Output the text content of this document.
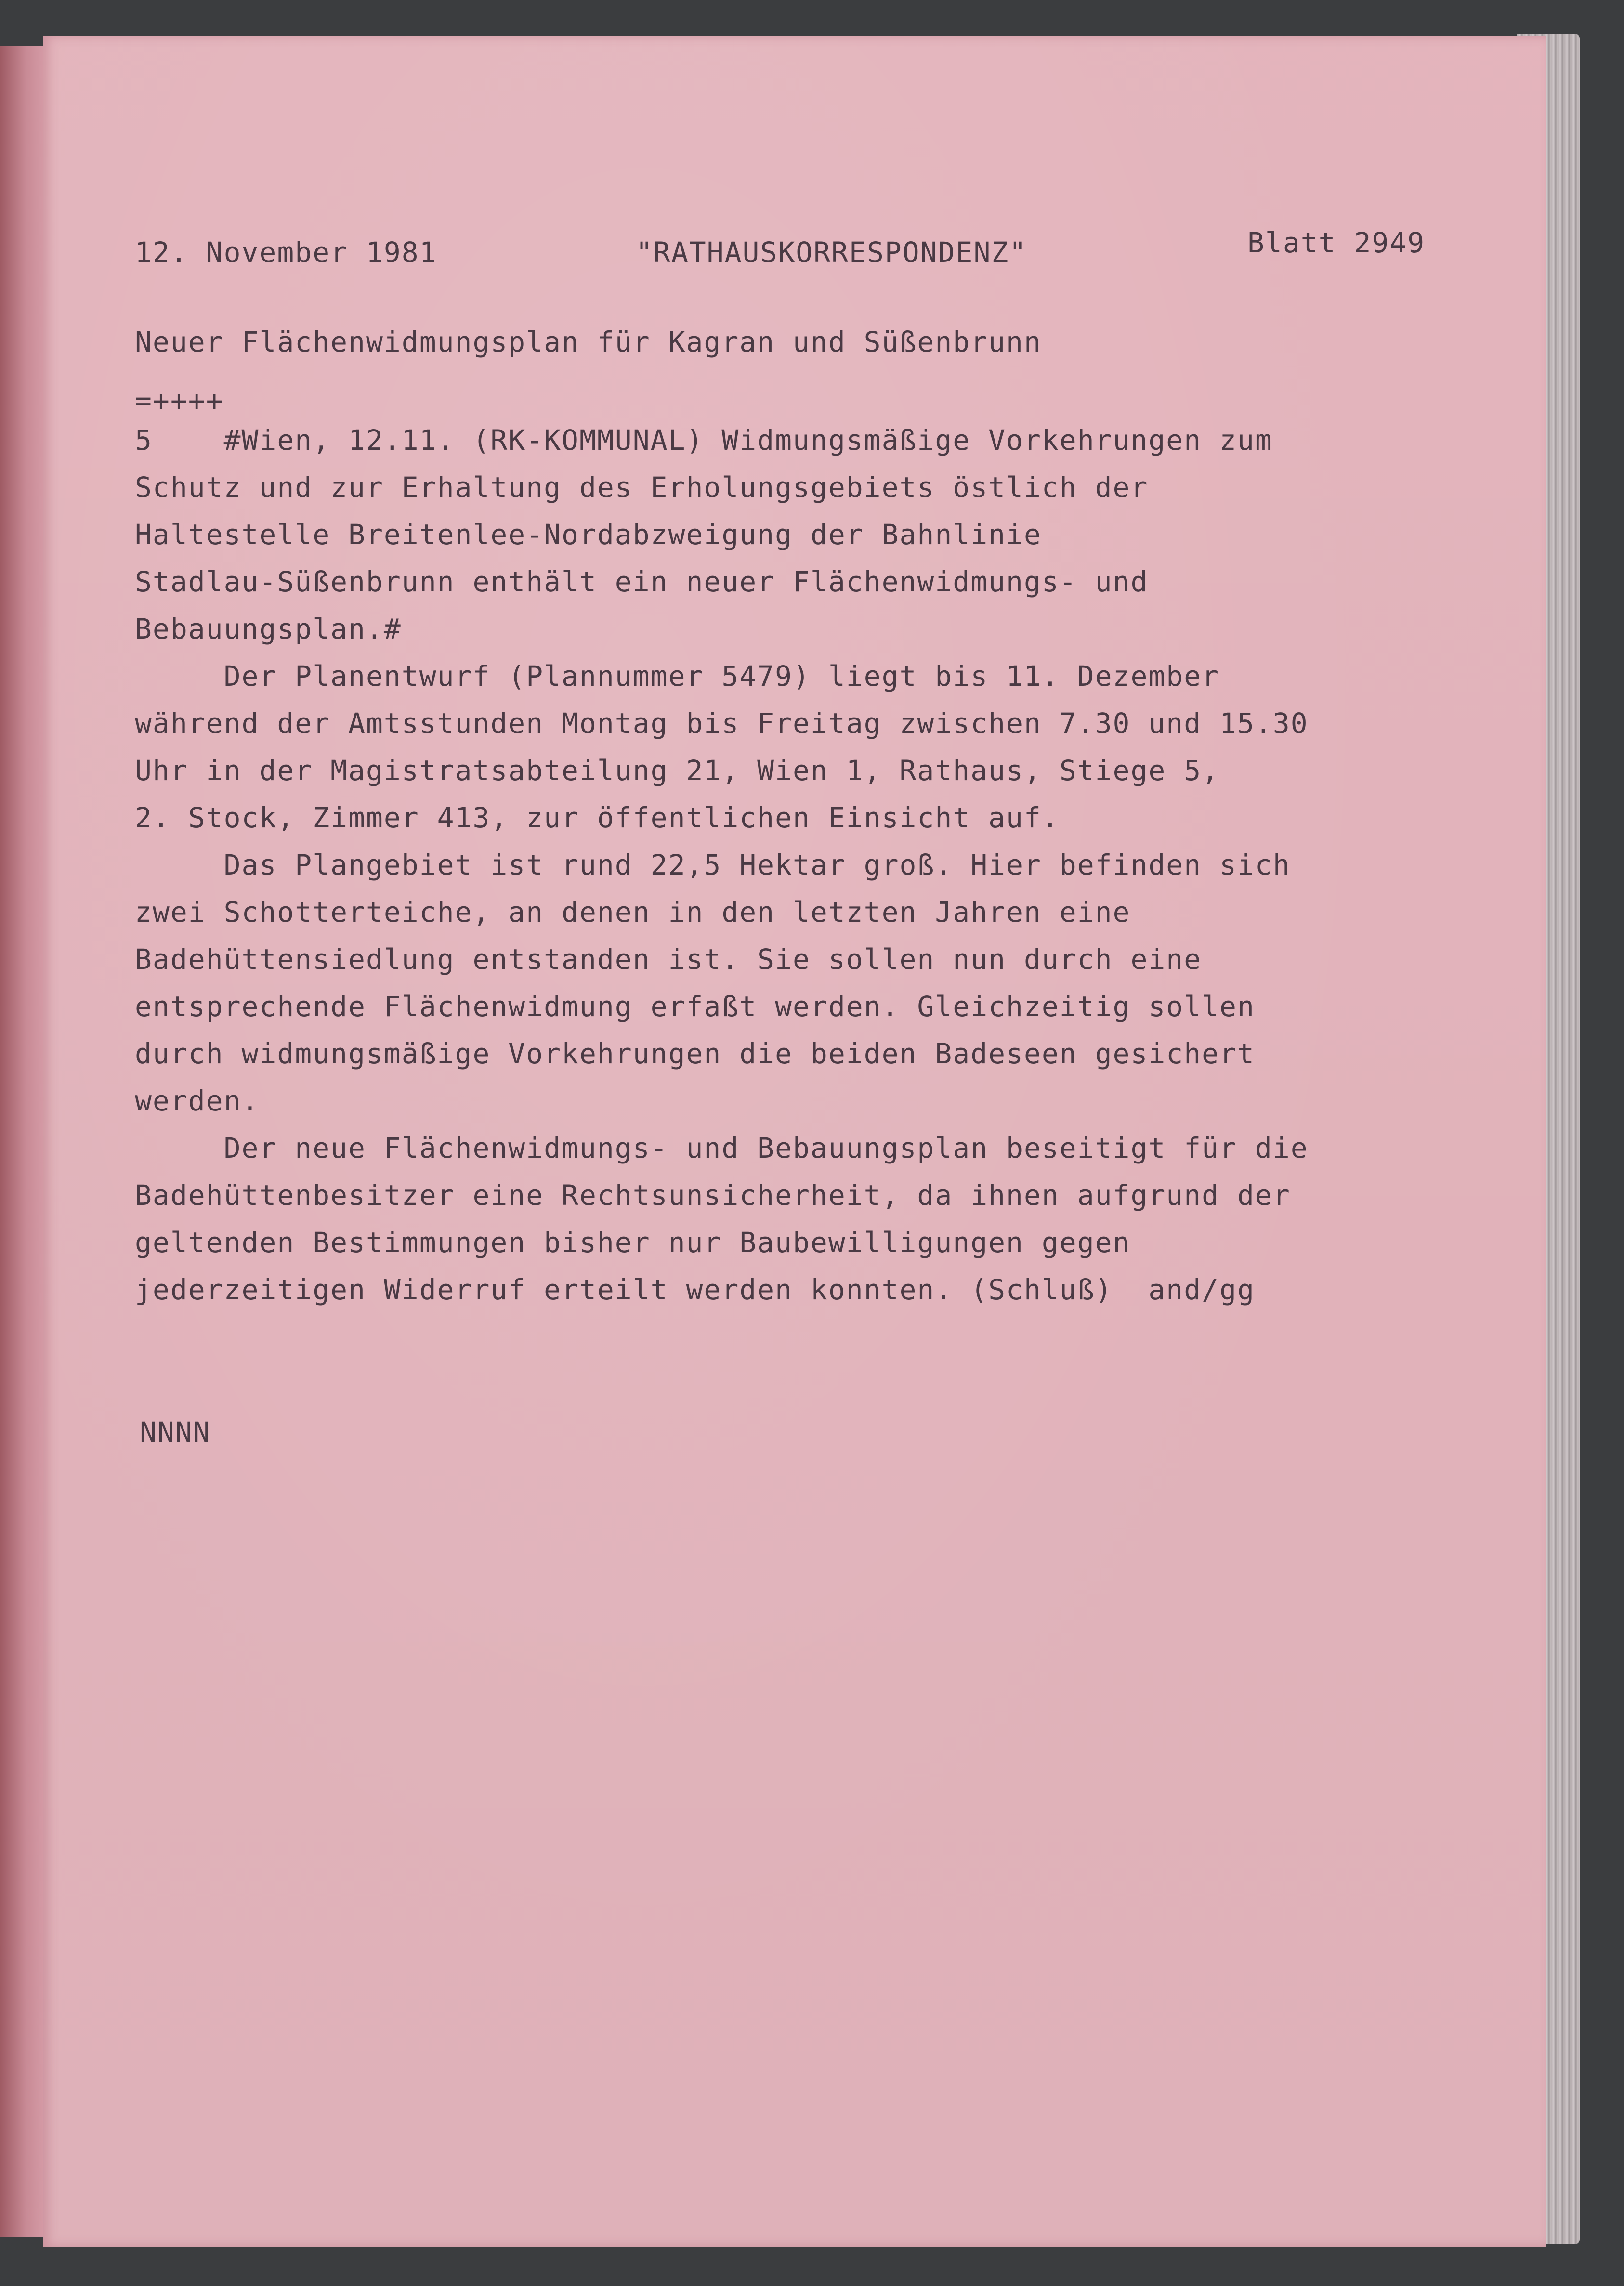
12. November 1981	"RATHAUSKORRESPONDENZ"	Blatt 2949

Neuer Flächenwidmungsplan für Kagran und Süßenbrunn

=++++

5    #Wien, 12.11. (RK-KOMMUNAL) Widmungsmäßige Vorkehrungen zum
Schutz und zur Erhaltung des Erholungsgebiets östlich der
Haltestelle Breitenlee-Nordabzweigung der Bahnlinie
Stadlau-Süßenbrunn enthält ein neuer Flächenwidmungs- und
Bebauungsplan.#
Der Planentwurf (Plannummer 5479) liegt bis 11. Dezember
während der Amtsstunden Montag bis Freitag zwischen 7.30 und 15.30
Uhr in der Magistratsabteilung 21, Wien 1, Rathaus, Stiege 5,
2. Stock, Zimmer 413, zur öffentlichen Einsicht auf.
Das Plangebiet ist rund 22,5 Hektar groß. Hier befinden sich
zwei Schotterteiche, an denen in den letzten Jahren eine
Badehüttensiedlung entstanden ist. Sie sollen nun durch eine
entsprechende Flächenwidmung erfaßt werden. Gleichzeitig sollen
durch widmungsmäßige Vorkehrungen die beiden Badeseen gesichert
werden.
Der neue Flächenwidmungs- und Bebauungsplan beseitigt für die
Badehüttenbesitzer eine Rechtsunsicherheit, da ihnen aufgrund der
geltenden Bestimmungen bisher nur Baubewilligungen gegen
jederzeitigen Widerruf erteilt werden konnten. (Schluß)  and/gg

NNNN
